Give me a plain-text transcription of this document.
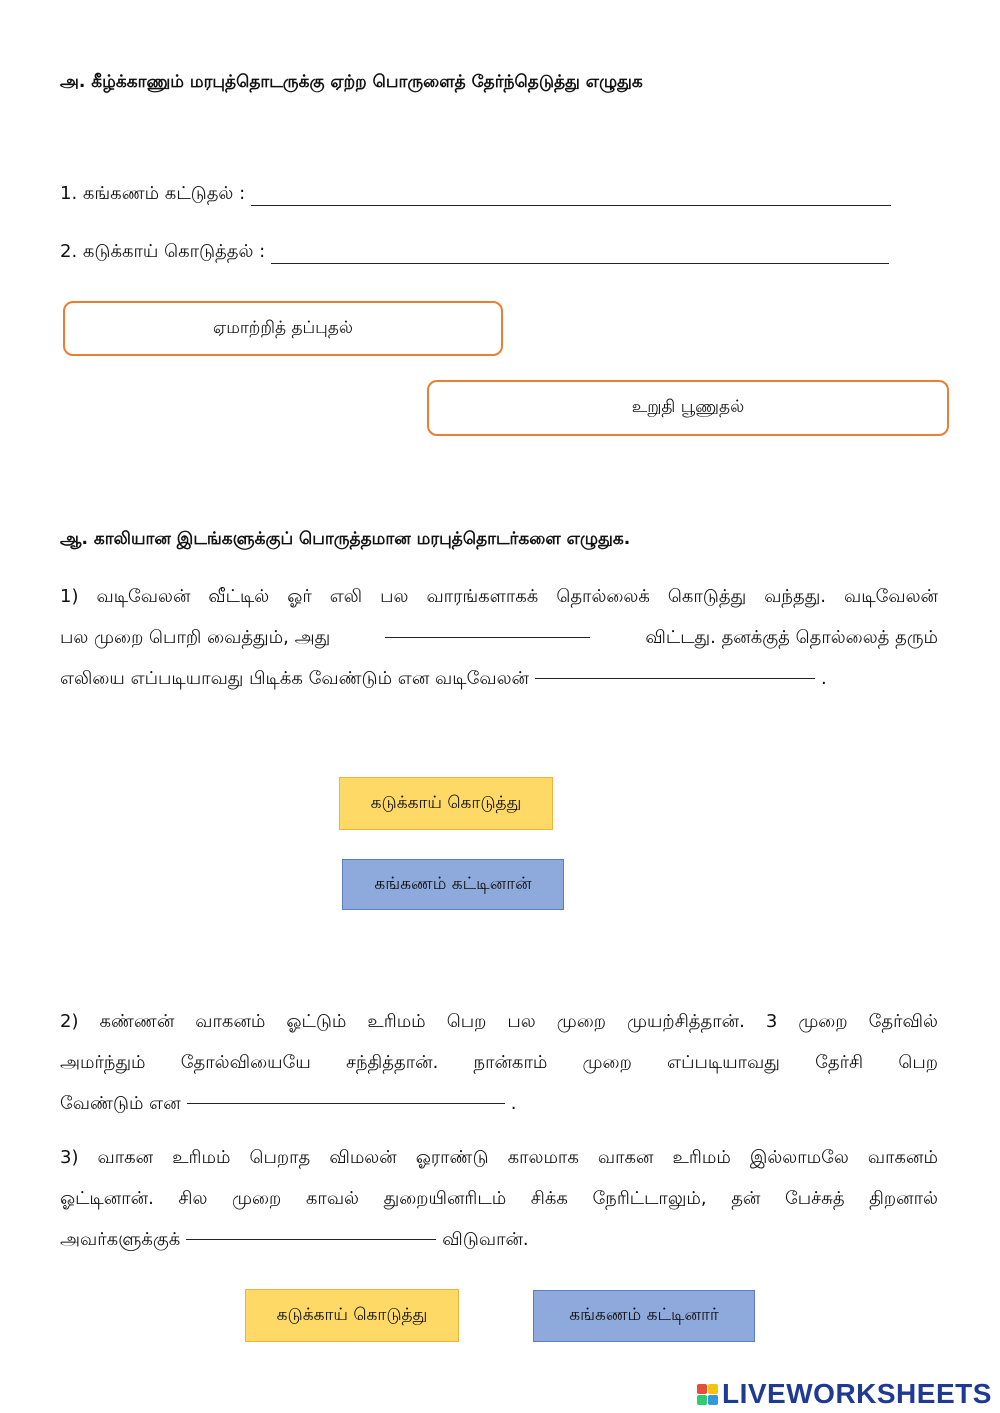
அ. கீழ்க்காணும் மரபுத்தொடருக்கு ஏற்ற பொருளைத் தேர்ந்தெடுத்து எழுதுக
1. கங்கணம் கட்டுதல் :
2. கடுக்காய் கொடுத்தல் :
ஏமாற்றித் தப்புதல்
உறுதி பூணுதல்
ஆ. காலியான இடங்களுக்குப் பொருத்தமான மரபுத்தொடர்களை எழுதுக.
1) வடிவேலன் வீட்டில் ஓர் எலி பல வாரங்களாகக் தொல்லைக் கொடுத்து வந்தது. வடிவேலன்
பல முறை பொறி வைத்தும், அது	விட்டது. தனக்குத் தொல்லைத் தரும்
எலியை எப்படியாவது பிடிக்க வேண்டும் என வடிவேலன்	.
கடுக்காய் கொடுத்து
கங்கணம் கட்டினான்
2) கண்ணன் வாகனம் ஓட்டும் உரிமம் பெற பல முறை முயற்சித்தான். 3 முறை தேர்வில்
அமர்ந்தும் தோல்வியையே சந்தித்தான். நான்காம் முறை எப்படியாவது தேர்சி பெற
வேண்டும் என	.
3) வாகன உரிமம் பெறாத விமலன் ஓராண்டு காலமாக வாகன உரிமம் இல்லாமலே வாகனம்
ஓட்டினான். சில முறை காவல் துறையினரிடம் சிக்க நேரிட்டாலும், தன் பேச்சுத் திறனால்
அவர்களுக்குக்	விடுவான்.
கடுக்காய் கொடுத்து	கங்கணம் கட்டினார்
LIVEWORKSHEETS
